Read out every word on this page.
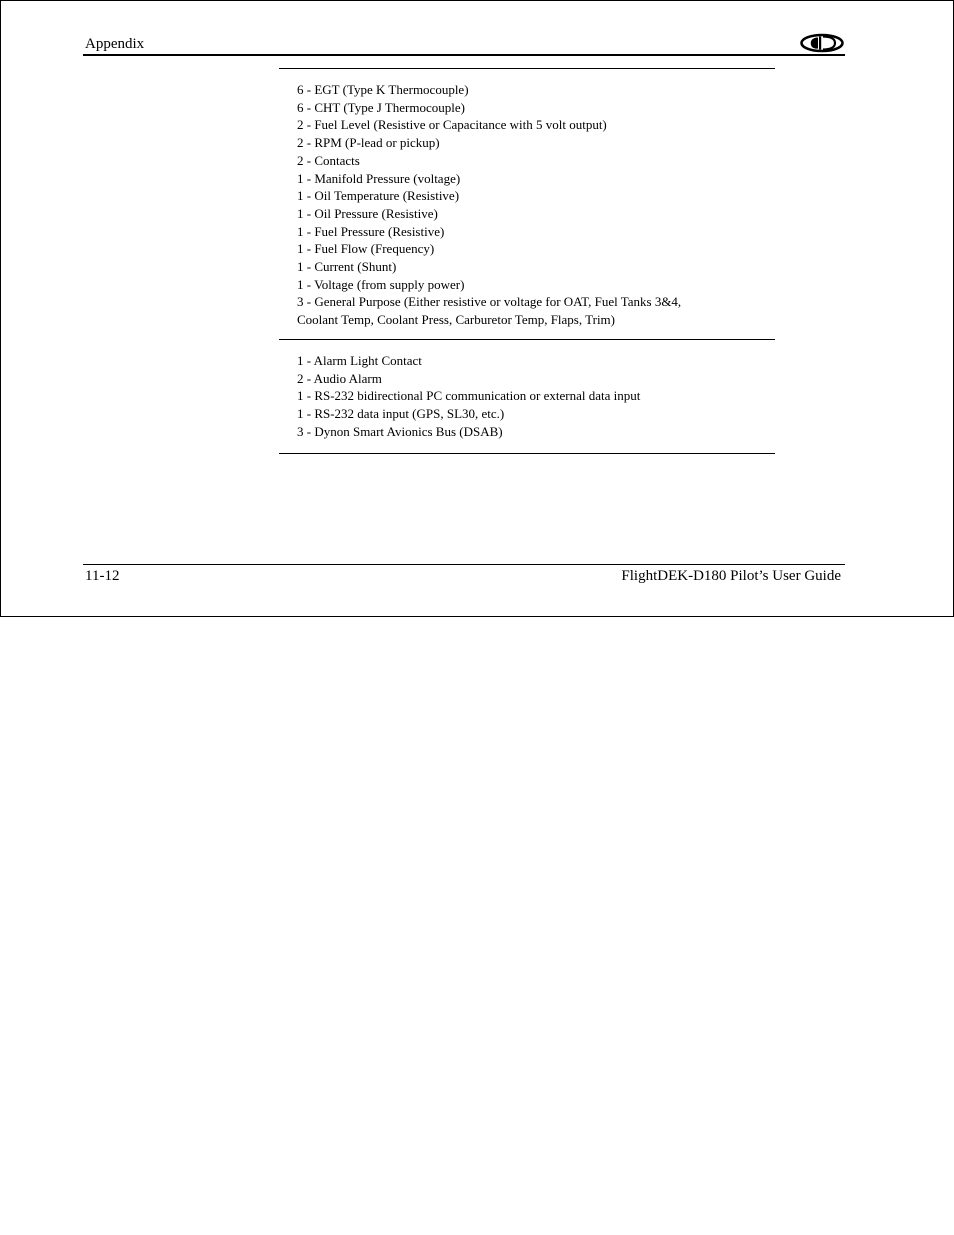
Appendix
6 - EGT (Type K Thermocouple)
6 - CHT (Type J Thermocouple)
2 - Fuel Level (Resistive or Capacitance with 5 volt output)
2 - RPM (P-lead or pickup)
2 - Contacts
1 - Manifold Pressure (voltage)
1 - Oil Temperature (Resistive)
1 - Oil Pressure (Resistive)
1 - Fuel Pressure (Resistive)
1 - Fuel Flow (Frequency)
1 - Current (Shunt)
1 - Voltage (from supply power)
3 - General Purpose (Either resistive or voltage for OAT, Fuel Tanks 3&4,
Coolant Temp, Coolant Press, Carburetor Temp, Flaps, Trim)
1 - Alarm Light Contact
2 - Audio Alarm
1 - RS-232 bidirectional PC communication or external data input
1 - RS-232 data input (GPS, SL30, etc.)
3 - Dynon Smart Avionics Bus (DSAB)
11-12	FlightDEK-D180 Pilot’s User Guide
